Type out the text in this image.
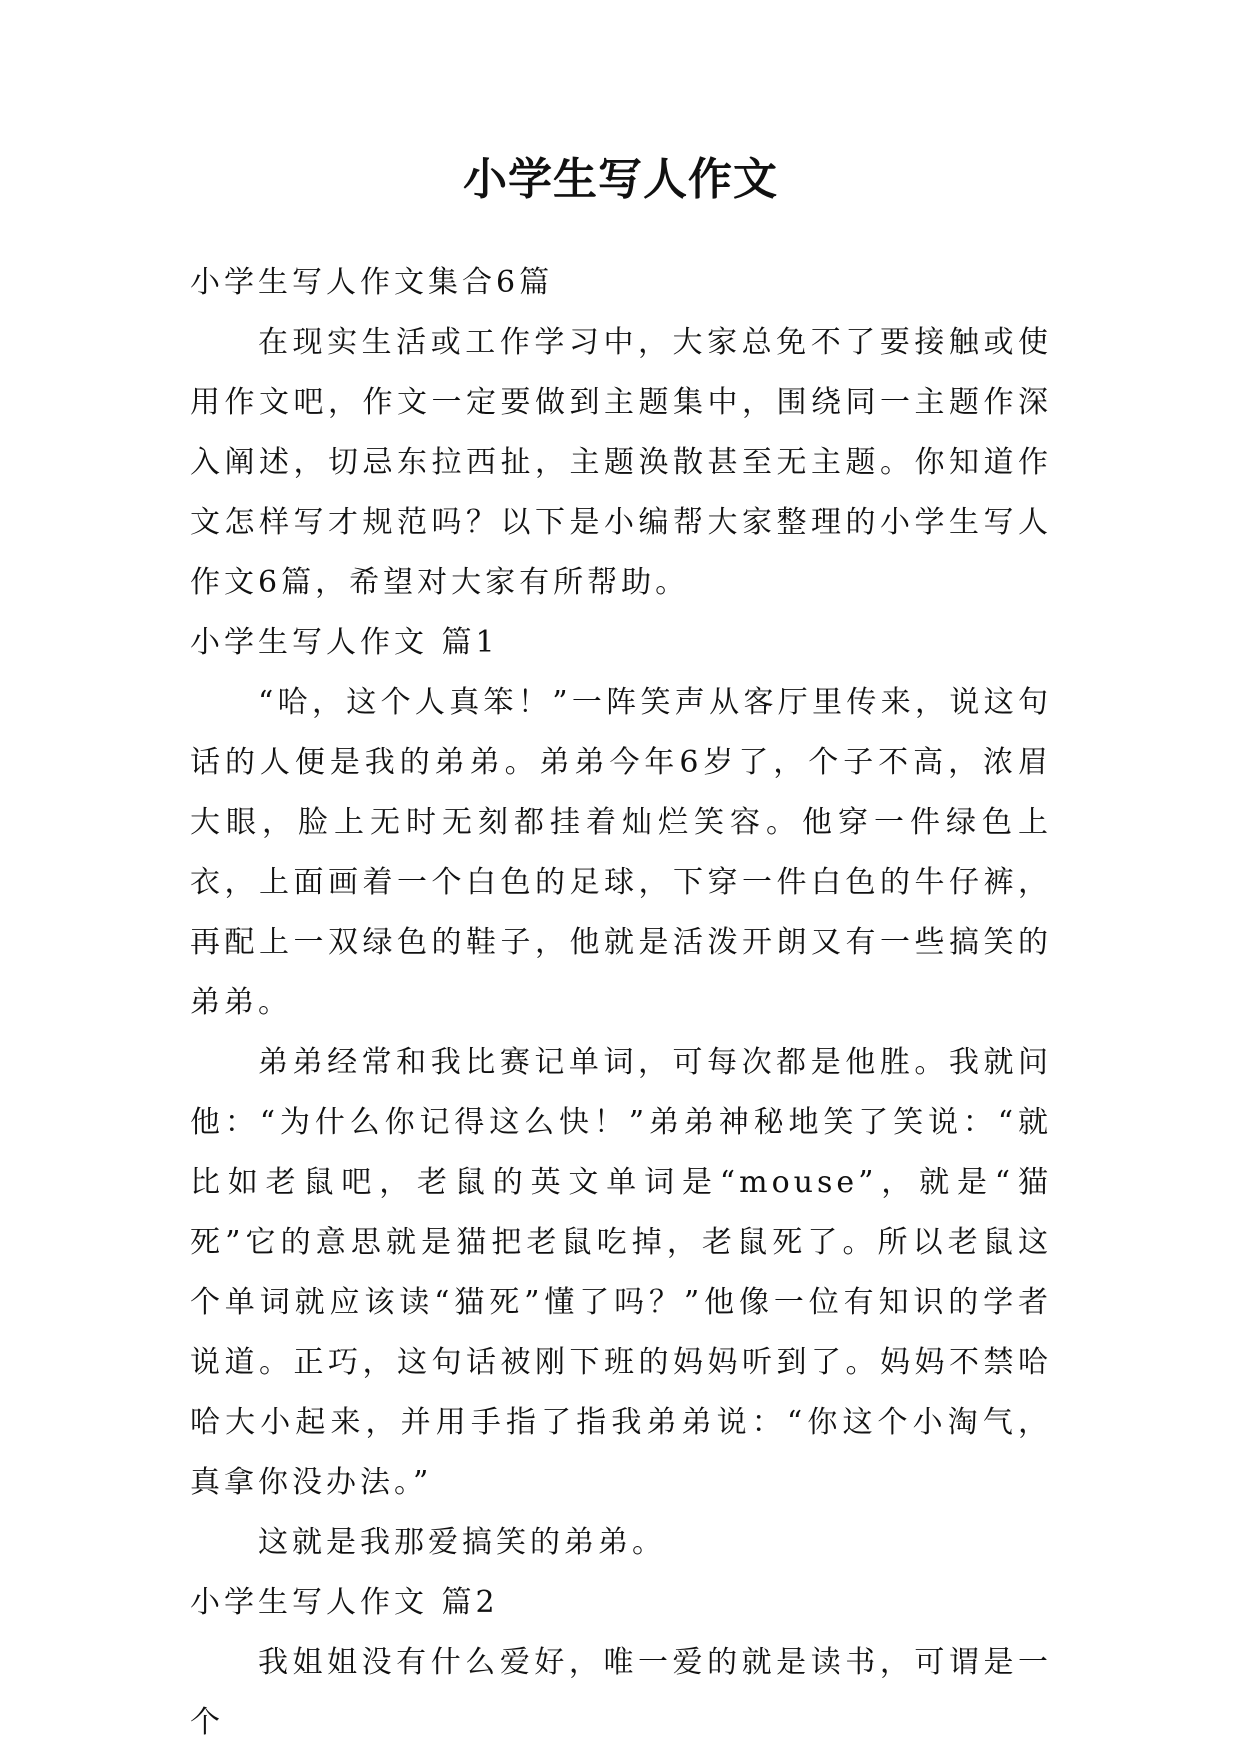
小学生写人作文

小学生写人作文集合6篇

在现实生活或工作学习中，大家总免不了要接触或使用作文吧，作文一定要做到主题集中，围绕同一主题作深入阐述，切忌东拉西扯，主题涣散甚至无主题。你知道作文怎样写才规范吗？以下是小编帮大家整理的小学生写人作文6篇，希望对大家有所帮助。

小学生写人作文 篇1

“哈，这个人真笨！”一阵笑声从客厅里传来，说这句话的人便是我的弟弟。弟弟今年6岁了，个子不高，浓眉大眼，脸上无时无刻都挂着灿烂笑容。他穿一件绿色上衣，上面画着一个白色的足球，下穿一件白色的牛仔裤，再配上一双绿色的鞋子，他就是活泼开朗又有一些搞笑的弟弟。

弟弟经常和我比赛记单词，可每次都是他胜。我就问他：“为什么你记得这么快！”弟弟神秘地笑了笑说：“就比如老鼠吧，老鼠的英文单词是“mouse”，就是“猫死”它的意思就是猫把老鼠吃掉，老鼠死了。所以老鼠这个单词就应该读“猫死”懂了吗？”他像一位有知识的学者说道。正巧，这句话被刚下班的妈妈听到了。妈妈不禁哈哈大小起来，并用手指了指我弟弟说：“你这个小淘气，真拿你没办法。”

这就是我那爱搞笑的弟弟。

小学生写人作文 篇2

我姐姐没有什么爱好，唯一爱的就是读书，可谓是一个
